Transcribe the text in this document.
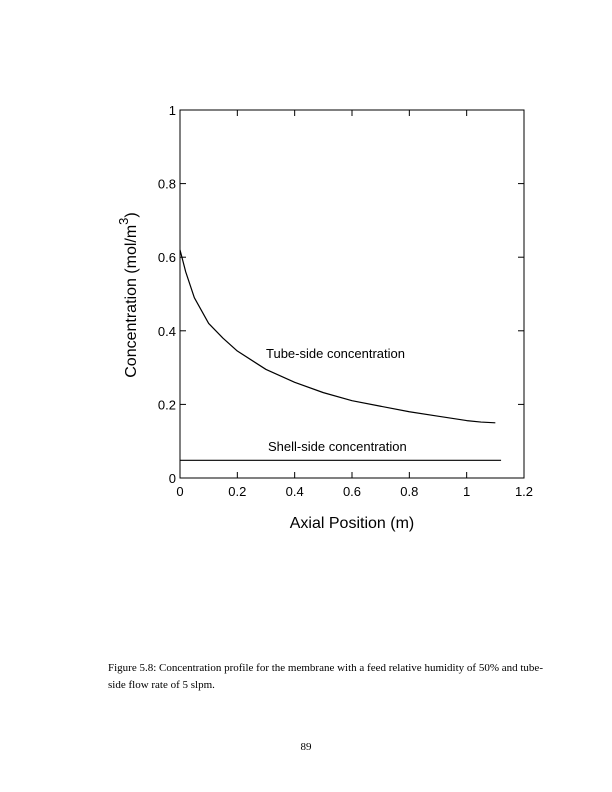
0	0.2	0.4	0.6	0.8	1	1.2
0
0.2
0.4
0.6
0.8
1
Axial Position (m)
Concentration $(mol/m^3)$
Tube-side concentration
Shell-side concentration
Figure 5.8: Concentration profile for the membrane with a feed relative humidity of 50% and tube-side flow rate of 5 slpm.
89
